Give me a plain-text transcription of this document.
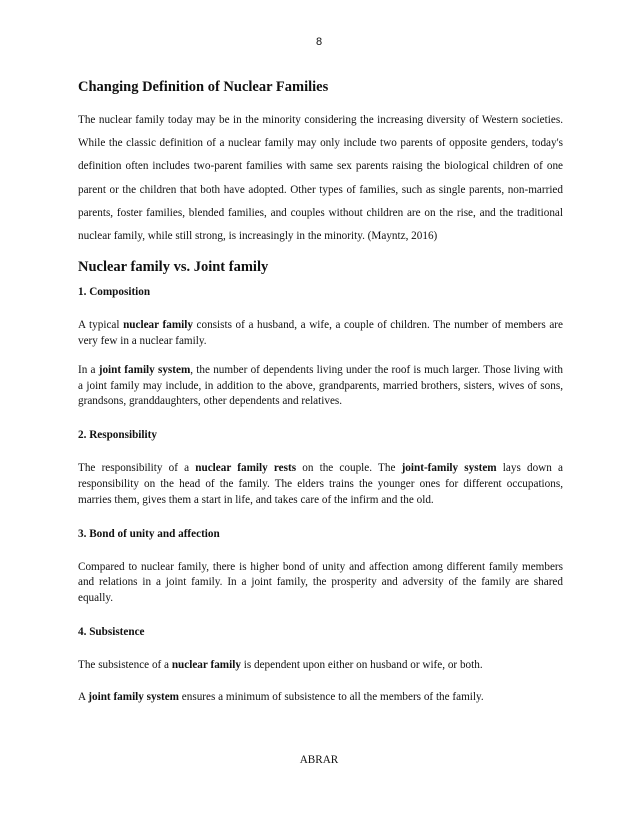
8
Changing Definition of Nuclear Families

The nuclear family today may be in the minority considering the increasing diversity of Western societies. While the classic definition of a nuclear family may only include two parents of opposite genders, today's definition often includes two-parent families with same sex parents raising the biological children of one parent or the children that both have adopted. Other types of families, such as single parents, non-married parents, foster families, blended families, and couples without children are on the rise, and the traditional nuclear family, while still strong, is increasingly in the minority. (Mayntz, 2016)

Nuclear family vs. Joint family
1. Composition

A typical nuclear family consists of a husband, a wife, a couple of children. The number of members are very few in a nuclear family.

In a joint family system, the number of dependents living under the roof is much larger. Those living with a joint family may include, in addition to the above, grandparents, married brothers, sisters, wives of sons, grandsons, granddaughters, other dependents and relatives.

2. Responsibility

The responsibility of a nuclear family rests on the couple. The joint-family system lays down a responsibility on the head of the family. The elders trains the younger ones for different occupations, marries them, gives them a start in life, and takes care of the infirm and the old.

3. Bond of unity and affection

Compared to nuclear family, there is higher bond of unity and affection among different family members and relations in a joint family. In a joint family, the prosperity and adversity of the family are shared equally.

4. Subsistence

The subsistence of a nuclear family is dependent upon either on husband or wife, or both.

A joint family system ensures a minimum of subsistence to all the members of the family.

ABRAR
